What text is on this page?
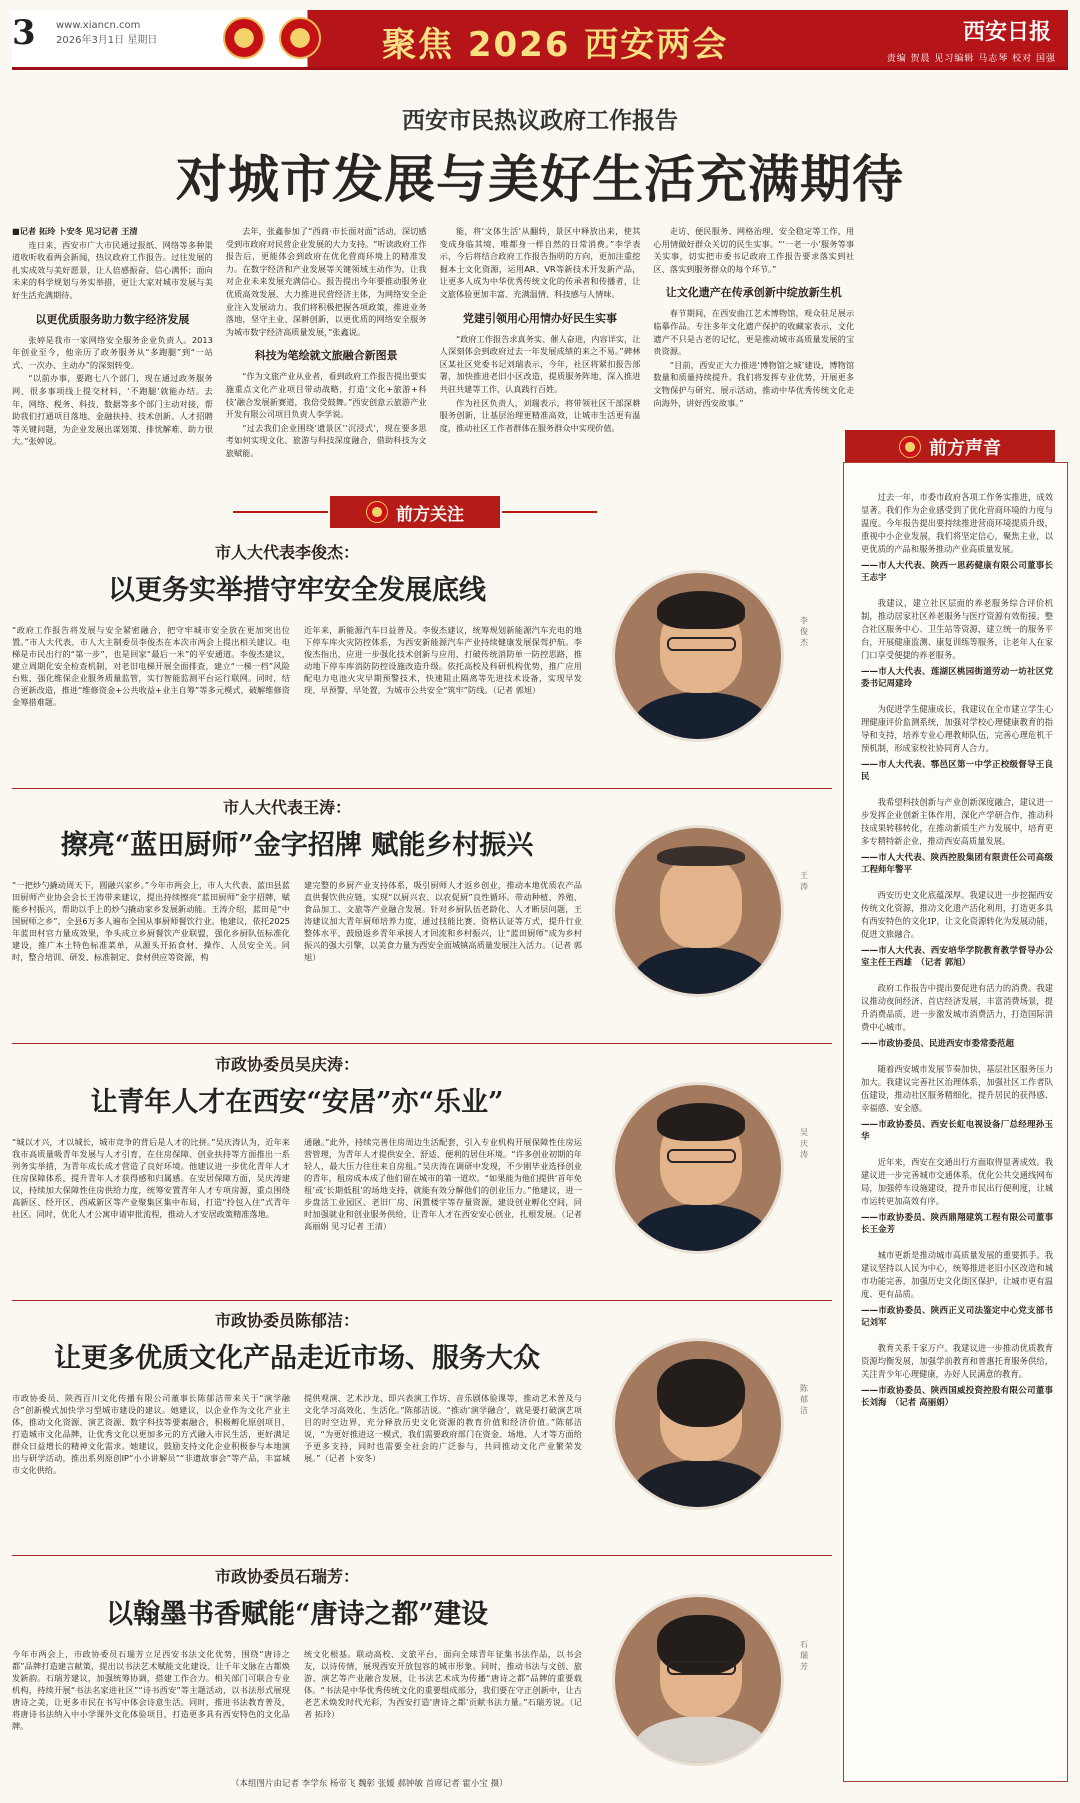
3 www.xiancn.com
2026年3月1日 星期日	聚焦 2026 西安两会	西安日报
责编 贺晨 见习编辑 马志琴 校对 国强
西安市民热议政府工作报告
对城市发展与美好生活充满期待

■记者 拓玲 卜安冬 见习记者 王清

连日来，西安市广大市民通过报纸、网络等多种渠道收听收看两会新闻，热议政府工作报告。过往发展的扎实成效与美好愿景，让人倍感振奋、信心满怀；面向未来的科学规划与务实举措，更让大家对城市发展与美好生活充满期待。

以更优质服务助力数字经济发展

张婷是我市一家网络安全服务企业负责人。2013年创业至今，他亲历了政务服务从“多跑腿”到“一站式、一次办、主动办”的深刻转变。

“以前办事，要跑七八个部门，现在通过政务服务网、很多事项线上提交材料，‘不跑腿’就能办结。去年，网络、税务、科技、数据等多个部门主动对接，帮助我们打通项目落地、金融扶持、技术创新、人才招聘等关键问题，为企业发展出谋划策、排忧解难、助力很大。”张婷说。

去年，张鑫参加了“西商·市长面对面”活动，深切感受到市政府对民营企业发展的大力支持。“听读政府工作报告后，更能体会到政府在优化营商环境上的精准发力。在数字经济和产业发展等关键领域主动作为，让我对企业未来发展充满信心。报告提出今年要推动服务业优质高效发展、大力推进民营经济主体，为网络安全企业注入发展动力。我们将积极把握各项政策，推进业务落地，坚守主业、深耕创新，以更优质的网络安全服务为城市数字经济高质量发展，”张鑫说。

科技为笔绘就文旅融合新图景

“作为文旅产业从业者，看到政府工作报告提出要实施重点文化产业项目带动战略，打造‘文化+旅游+科技’融合发展新赛道，我倍受鼓舞。”西安创意云旅游产业开发有限公司项目负责人李学说。

“过去我们企业围绕‘遗景区’‘沉浸式’，现在要多思考如何实现文化、旅游与科技深度融合，借助科技为文旅赋能。

能，将‘文体生活’从翻转，景区中释放出来，使其变成身临其境、唯都身一样自然的日常消费。”李学表示，今后将结合政府工作报告指明的方向，更加注重挖掘本土文化资源，运用AR、VR等新技术开发新产品，让更多人成为中华优秀传统文化的传承者和传播者，让文旅体验更加丰富、充满温情、科技感与人情味。

党建引领用心用情办好民生实事

“政府工作报告求真务实、催人奋进，内容详实，让人深刻体会到政府过去一年发展成绩的来之不易。”碑林区某社区党委书记刘瑞表示，今年，社区将紧扣报告部署，加快推进老旧小区改造，提质服务阵地，深入推进共驻共建等工作，认真践行百姓。

作为社区负责人，刘瑞表示，将带领社区干部深耕服务创新，让基层治理更精准高效，让城市生活更有温度，推动社区工作者群体在服务群众中实现价值。

走访、便民服务、网格治理、安全稳定等工作，用心用情做好群众关切的民生实事。“‘一老一小’服务等事关实事，切实把市委书记政府工作报告要求落实到社区、落实到服务群众的每个环节。”

让文化遗产在传承创新中绽放新生机

春节期间，在西安曲江艺术博物馆，观众驻足展示临摹作品。专注多年文化遗产保护的收藏家表示，文化遗产不只是古老的记忆，更是推动城市高质量发展的宝贵资源。

“目前，西安正大力推进‘博物馆之城’建设，博物馆数量和质量持续提升。我们将发挥专业优势，开展更多文物保护与研究、展示活动，推动中华优秀传统文化走向海外，讲好西安故事。”

前方关注
前方声音
市人大代表李俊杰：
以更务实举措守牢安全发展底线
“政府工作报告将发展与安全紧密融合，把守牢城市安全放在更加突出位置。”市人大代表、市人大主制委员李俊杰在本次市两会上提出相关建议。电梯是市民出行的“第一步”，也是回家“最后一米”的平安通道。李俊杰建议，建立周期化安全检查机制，对老旧电梯开展全面排查，建立“一梯一档”风险台账，强化维保企业服务质量监管，实行智能监测平台运行联网。同时，结合更新改造，推进“维修资金+公共收益+业主自筹”等多元模式，破解维修资金筹措难题。
近年来，新能源汽车日益普及。李俊杰建议，统筹规划新能源汽车充电的地下停车库火灾防控体系，为西安新能源汽车产业持续健康发展保驾护航。李俊杰指出，应进一步强化技术创新与应用，打破传统消防单一防控思路，推动地下停车库消防防控设施改造升级。依托高校及科研机构优势，推广应用配电力电池火灾早期预警技术，快速阻止隔离等先进技术设备，实现早发现、早预警、早处置，为城市公共安全“筑牢”防线。（记者 郭旭）
李俊杰
市人大代表王涛：
擦亮“蓝田厨师”金字招牌 赋能乡村振兴
“一把炒勺撬动周天下，圆融兴家乡。”今年市两会上，市人大代表、蓝田县蓝田厨师产业协会会长王涛带来建议，提出持续擦亮“蓝田厨师”金字招牌，赋能乡村振兴，帮助以手上的炒勺撬动家乡发展新动能。王涛介绍，蓝田是“中国厨师之乡”，全县6万多人遍布全国从事厨师餐饮行业。他建议，依托2025年蓝田村官力量成效果，争头成立乡厨餐饮产业联盟，强化乡厨队伍标准化建设，推广本土特色标准菜单，从源头开拓食材、操作、人员安全关。同时，整合培训、研发、标准制定、食材供应等资源，构
建完整的乡厨产业支持体系，吸引厨师人才返乡创业，推动本地优质农产品直供餐饮供应链，实现“以厨兴农、以农促厨”良性循环。带动种植、养殖、食品加工、文旅等产业融合发展。针对乡厨队伍老龄化、人才断层问题，王涛建议加大青年厨师培养力度，通过技能比赛、资格认证等方式，提升行业整体水平，鼓励返乡青年承接人才回流和乡村振兴，让“蓝田厨师”成为乡村振兴的强大引擎，以美食力量为西安全面城镇高质量发展注入活力。（记者 郭旭）
王涛
市政协委员吴庆涛：
让青年人才在西安“安居”亦“乐业”
“城以才兴，才以城长，城市竞争的背后是人才的比拼。”吴庆涛认为，近年来我市高质量吸青年发展与人才引育，在住房保障、创业扶持等方面推出一系列务实举措，为青年成长成才营造了良好环境。他建议进一步优化青年人才住房保障体系，提升青年人才获得感和归属感。在安居保障方面，吴庆涛建议，持续加大保障性住房供给力度，统筹安置青年人才专项房源，重点围绕高新区、经开区、西咸新区等产业聚集区集中布局，打造“拎包入住”式青年社区。同时，优化人才公寓申请审批流程，推动人才安居政策精准落地。
通融。”此外，持续完善住房周边生活配套，引入专业机构开展保障性住房运营管理，为青年人才提供安全、舒适、便利的居住环境。“许多创业初期的年轻人，最大压力往往来自房租。”吴庆涛在调研中发现，不少刚毕业选择创业的青年，租房成本成了他们留在城市的第一道坎。“如果能为他们提供‘首年免租’或‘长期低租’的场地支持，就能有效分解他们的创业压力。”他建议，进一步盘活工业园区、老旧厂房、闲置楼宇等存量资源，建设创业孵化空间，同时加强就业和创业服务供给，让青年人才在西安安心创业，扎根发展。（记者 高丽娟 见习记者 王清）
吴庆涛
市政协委员陈郁洁：
让更多优质文化产品走近市场、服务大众
市政协委员、陕西百川文化传播有限公司董事长陈郁洁带来关于“演学融合”创新模式加快学习型城市建设的建议。她建议，以企业作为文化产业主体，推动文化资源、演艺资源、数字科技等要素融合，积极孵化原创项目，打造城市文化品牌，让优秀文化以更加多元的方式融入市民生活，更好满足群众日益增长的精神文化需求。她建议，鼓励支持文化企业积极参与本地演出与研学活动，推出系列原创IP“小小讲解员”“非遗故事会”等产品，丰富城市文化供给。
提供观演、艺术沙龙、即兴表演工作坊、音乐剧体验课等，推动艺术普及与文化学习高效化、生活化。”陈郁洁说。“推动‘演学融合’，就是要打破演艺项目的时空边界，充分释放历史文化资源的教育价值和经济价值。”陈郁洁说，“为更好推进这一模式，我们需要政府部门在资金、场地、人才等方面给予更多支持，同时也需要全社会的广泛参与，共同推动文化产业繁荣发展。”（记者 卜安冬）
陈郁洁
市政协委员石瑞芳：
以翰墨书香赋能“唐诗之都”建设
今年市两会上，市政协委员石瑞芳立足西安书法文化优势，围绕“唐诗之都”品牌打造建言献策，提出以书法艺术赋能文化建设、让千年文脉在古都焕发新韵。石瑞芳建议，加强统筹协调，搭建工作合力。相关部门可联合专业机构，持续开展“书法名家进社区”“诗书西安”等主题活动，以书法形式展现唐诗之美，让更多市民在书写中体会诗意生活。同时，推进书法教育普及，将唐诗书法纳入中小学课外文化体验项目，打造更多具有西安特色的文化品牌。
统文化根基。联动高校、文旅平台，面向全球青年征集书法作品，以书会友，以诗传情，展现西安开放包容的城市形象。同时，推动书法与文创、旅游、演艺等产业融合发展，让书法艺术成为传播“唐诗之都”品牌的重要载体。“书法是中华优秀传统文化的重要组成部分，我们要在守正创新中，让古老艺术焕发时代光彩，为西安打造‘唐诗之都’贡献书法力量。”石瑞芳说。（记者 拓玲）
石瑞芳
过去一年，市委市政府各项工作务实推进，成效显著。我们作为企业感受到了优化营商环境的力度与温度。今年报告提出要持续推进营商环境提质升级，重视中小企业发展，我们将坚定信心，聚焦主业，以更优质的产品和服务推动产业高质量发展。
——市人大代表、陕西一思药健康有限公司董事长王志宇
我建议，建立社区层面的养老服务综合评价机制，推动居家社区养老服务与医疗资源有效衔接。整合社区服务中心、卫生站等资源，建立统一的服务平台，开展健康监测、康复训练等服务，让老年人在家门口享受便捷的养老服务。
——市人大代表、莲湖区桃园街道劳动一坊社区党委书记周建玲
为促进学生健康成长，我建议在全市建立学生心理健康评价监测系统，加强对学校心理健康教育的指导和支持，培养专业心理教师队伍，完善心理危机干预机制，形成家校社协同育人合力。
——市人大代表、鄠邑区第一中学正校级督导王良民
我希望科技创新与产业创新深度融合，建议进一步发挥企业创新主体作用，深化产学研合作，推动科技成果转移转化，在推动新质生产力发展中，培育更多专精特新企业，推动西安高质量发展。
——市人大代表、陕西控股集团有限责任公司高级工程师年警平
西安历史文化底蕴深厚。我建议进一步挖掘西安传统文化资源，推动文化遗产活化利用，打造更多具有西安特色的文化IP，让文化资源转化为发展动能，促进文旅融合。
——市人大代表、西安培华学院教育教学督导办公室主任王西雄　（记者 郭旭）
政府工作报告中提出要促进有活力的消费。我建议推动夜间经济、首店经济发展，丰富消费场景，提升消费品质，进一步激发城市消费活力，打造国际消费中心城市。
——市政协委员、民进西安市委常委范超
随着西安城市发展节奏加快，基层社区服务压力加大。我建议完善社区治理体系，加强社区工作者队伍建设，推动社区服务精细化，提升居民的获得感、幸福感、安全感。
——市政协委员、西安长虹电视设备厂总经理孙玉华
近年来，西安在交通出行方面取得显著成效。我建议进一步完善城市交通体系，优化公共交通线网布局，加强停车设施建设，提升市民出行便利度，让城市运转更加高效有序。
——市政协委员、陕西鼎翔建筑工程有限公司董事长王金芳
城市更新是推动城市高质量发展的重要抓手。我建议坚持以人民为中心，统筹推进老旧小区改造和城市功能完善，加强历史文化街区保护，让城市更有温度、更有品质。
——市政协委员、陕西正义司法鉴定中心党支部书记刘军
教育关系千家万户。我建议进一步推动优质教育资源均衡发展，加强学前教育和普惠托育服务供给，关注青少年心理健康，办好人民满意的教育。
——市政协委员、陕西国威投资控股有限公司董事长刘海　（记者 高丽娟）
（本组图片由记者 李学东 杨帝飞 魏彰 张媛 郝钟敏 首席记者 霍小宝 摄）
